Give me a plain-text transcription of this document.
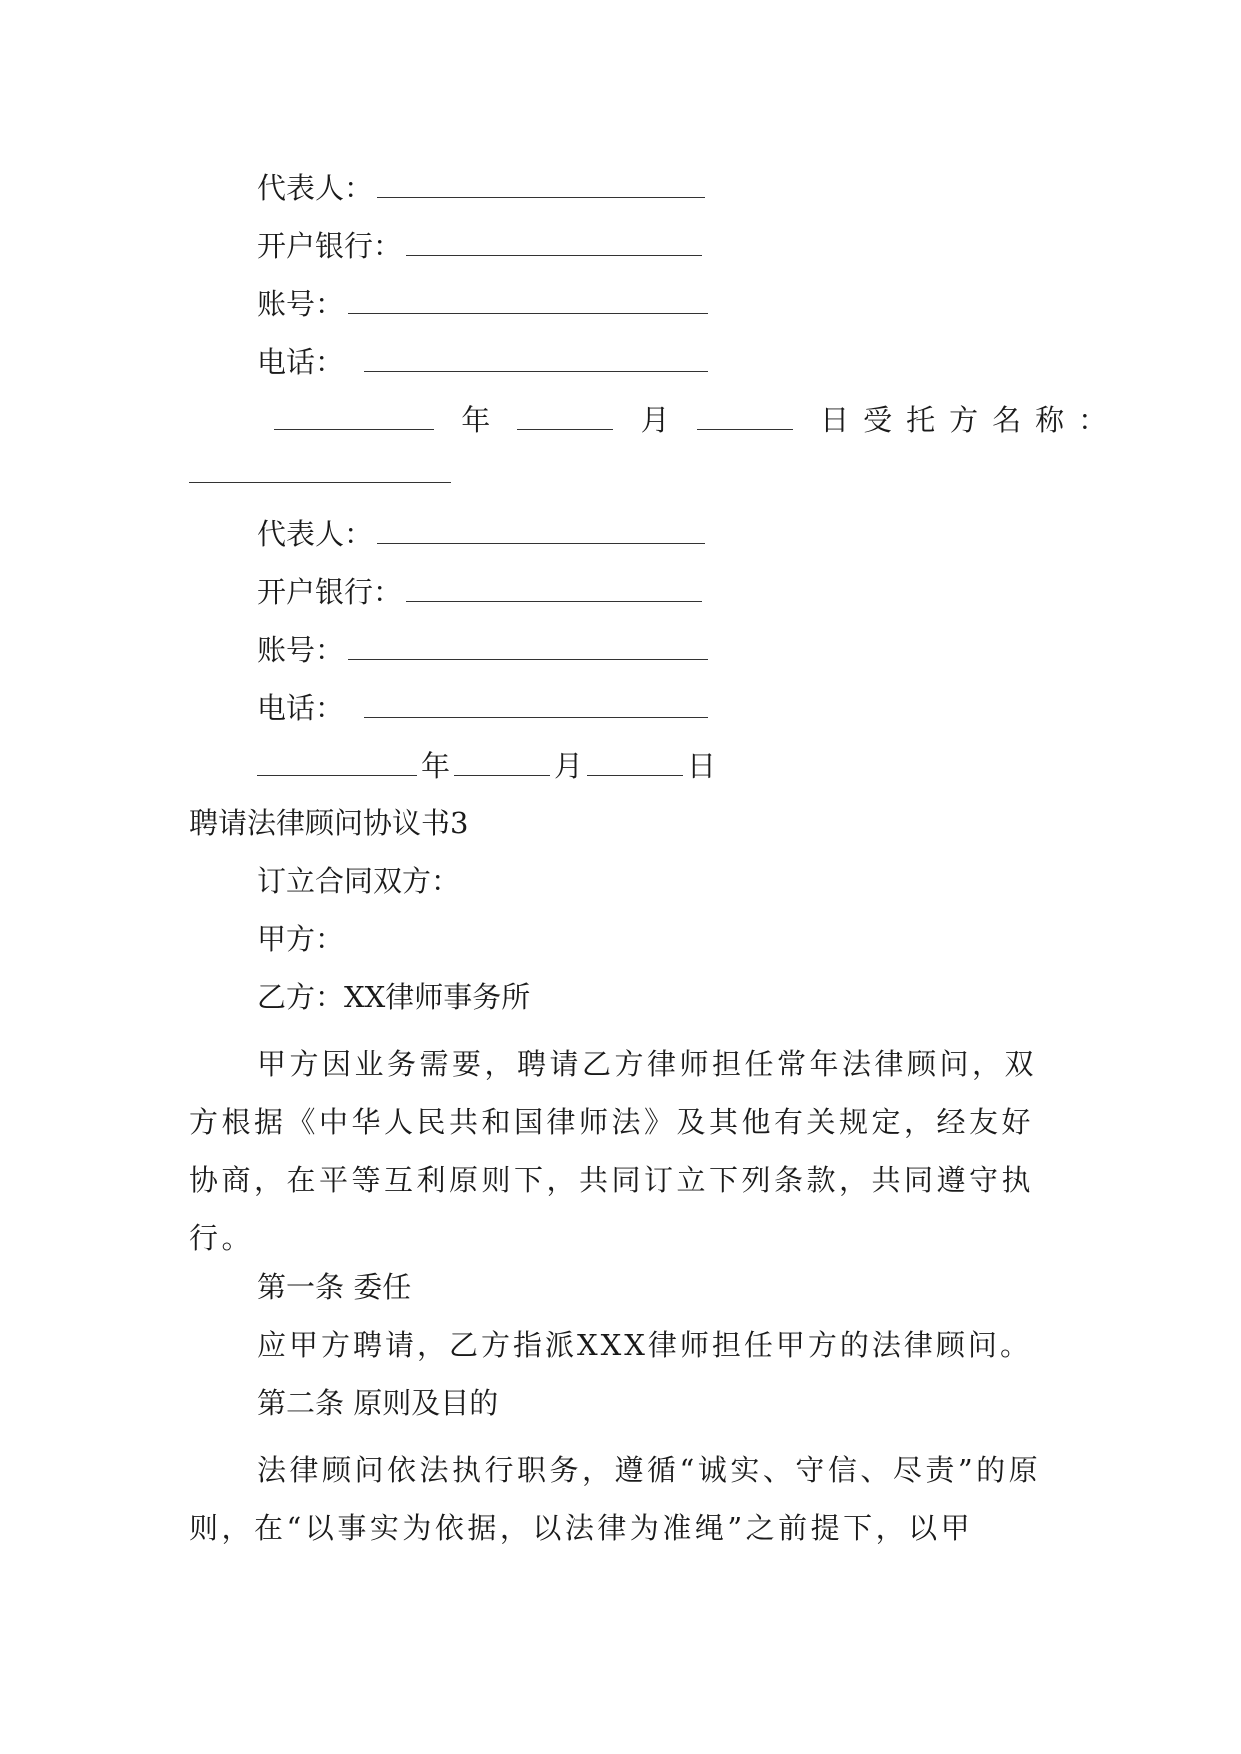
代表人：
开户银行：
账号：
电话：
年	月	日受托方名称：
代表人：
开户银行：
账号：
电话：
年	月	日
聘请法律顾问协议书3
订立合同双方：
甲方：
乙方：XX律师事务所
甲方因业务需要，聘请乙方律师担任常年法律顾问，双方根据《中华人民共和国律师法》及其他有关规定，经友好协商，在平等互利原则下，共同订立下列条款，共同遵守执行。
第一条 委任
应甲方聘请，乙方指派XXX律师担任甲方的法律顾问。
第二条 原则及目的
法律顾问依法执行职务，遵循“诚实、守信、尽责”的原则，在“以事实为依据，以法律为准绳”之前提下，以甲
